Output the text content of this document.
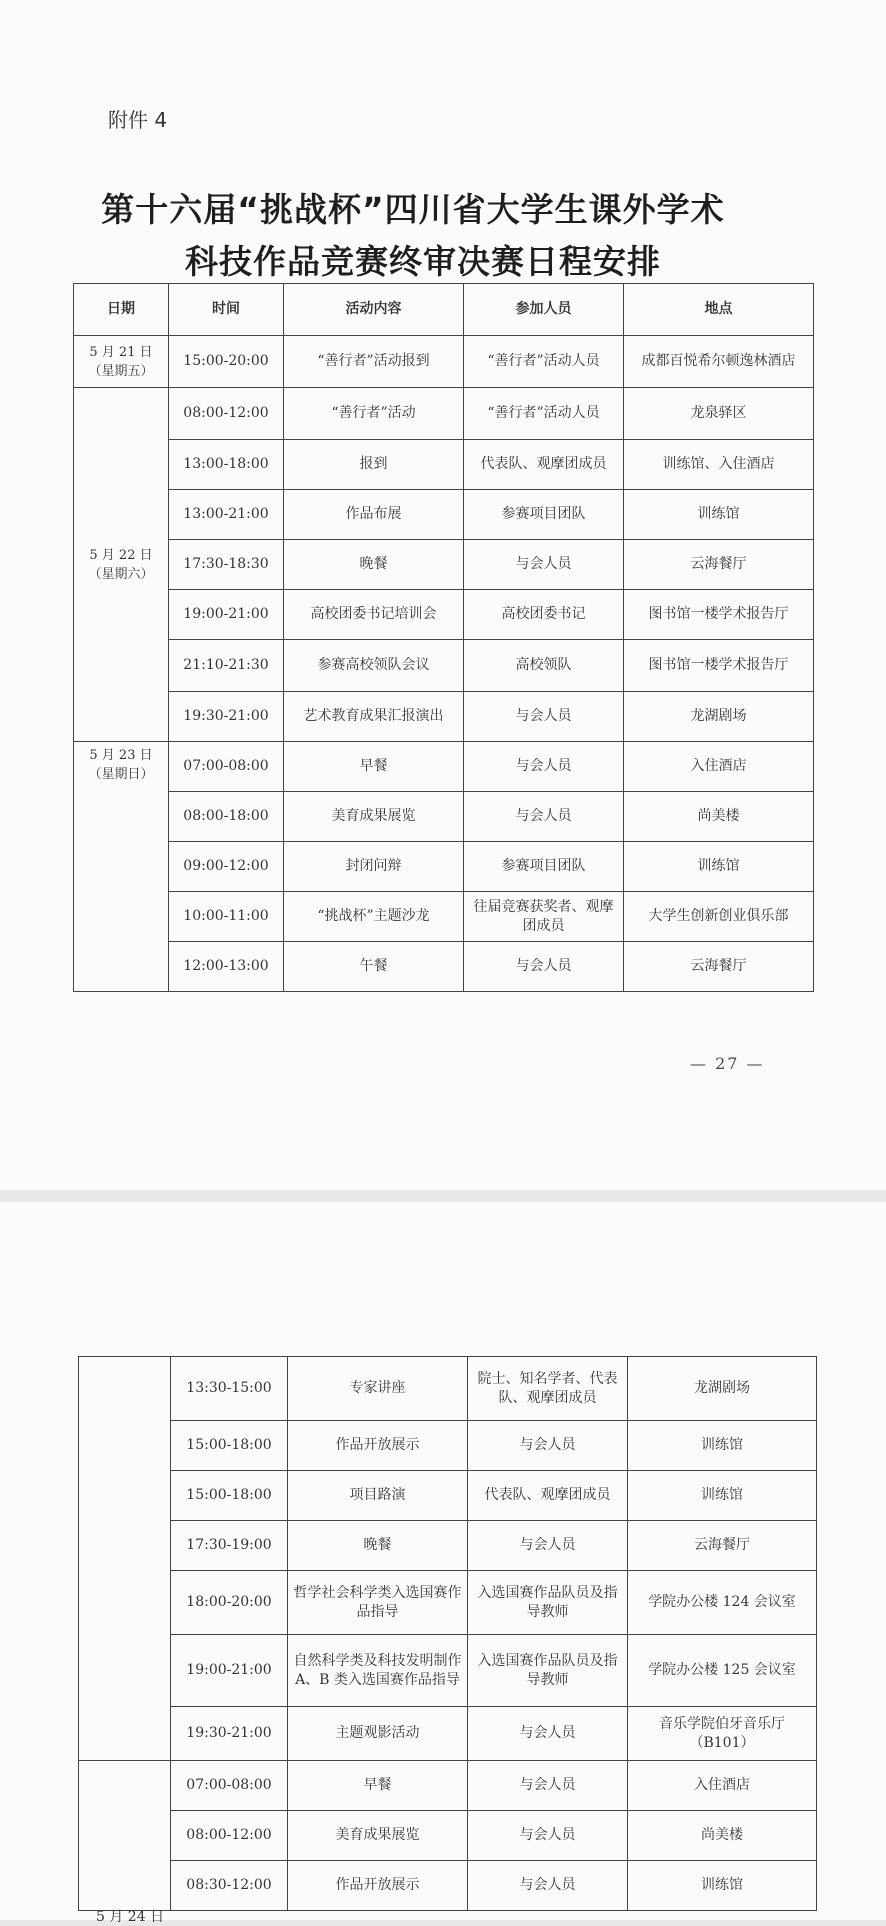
附件 4
第十六届“挑战杯”四川省大学生课外学术
科技作品竞赛终审决赛日程安排
日期	时间	活动内容	参加人员	地点
5 月 21 日
（星期五）	15:00-20:00	“善行者”活动报到	“善行者”活动人员	成都百悦希尔顿逸林酒店
5 月 22 日
（星期六）	08:00-12:00	“善行者”活动	“善行者”活动人员	龙泉驿区
	13:00-18:00	报到	代表队、观摩团成员	训练馆、入住酒店
	13:00-21:00	作品布展	参赛项目团队	训练馆
	17:30-18:30	晚餐	与会人员	云海餐厅
	19:00-21:00	高校团委书记培训会	高校团委书记	图书馆一楼学术报告厅
	21:10-21:30	参赛高校领队会议	高校领队	图书馆一楼学术报告厅
	19:30-21:00	艺术教育成果汇报演出	与会人员	龙湖剧场
5 月 23 日
（星期日）	07:00-08:00	早餐	与会人员	入住酒店
	08:00-18:00	美育成果展览	与会人员	尚美楼
	09:00-12:00	封闭问辩	参赛项目团队	训练馆
	10:00-11:00	“挑战杯”主题沙龙	往届竞赛获奖者、观摩团成员	大学生创新创业俱乐部
	12:00-13:00	午餐	与会人员	云海餐厅
— 27 —
	13:30-15:00	专家讲座	院士、知名学者、代表队、观摩团成员	龙湖剧场
	15:00-18:00	作品开放展示	与会人员	训练馆
	15:00-18:00	项目路演	代表队、观摩团成员	训练馆
	17:30-19:00	晚餐	与会人员	云海餐厅
	18:00-20:00	哲学社会科学类入选国赛作品指导	入选国赛作品队员及指导教师	学院办公楼 124 会议室
	19:00-21:00	自然科学类及科技发明制作 A、B 类入选国赛作品指导	入选国赛作品队员及指导教师	学院办公楼 125 会议室
	19:30-21:00	主题观影活动	与会人员	音乐学院伯牙音乐厅（B101）
	07:00-08:00	早餐	与会人员	入住酒店
	08:00-12:00	美育成果展览	与会人员	尚美楼
	08:30-12:00	作品开放展示	与会人员	训练馆
5 月 24 日
